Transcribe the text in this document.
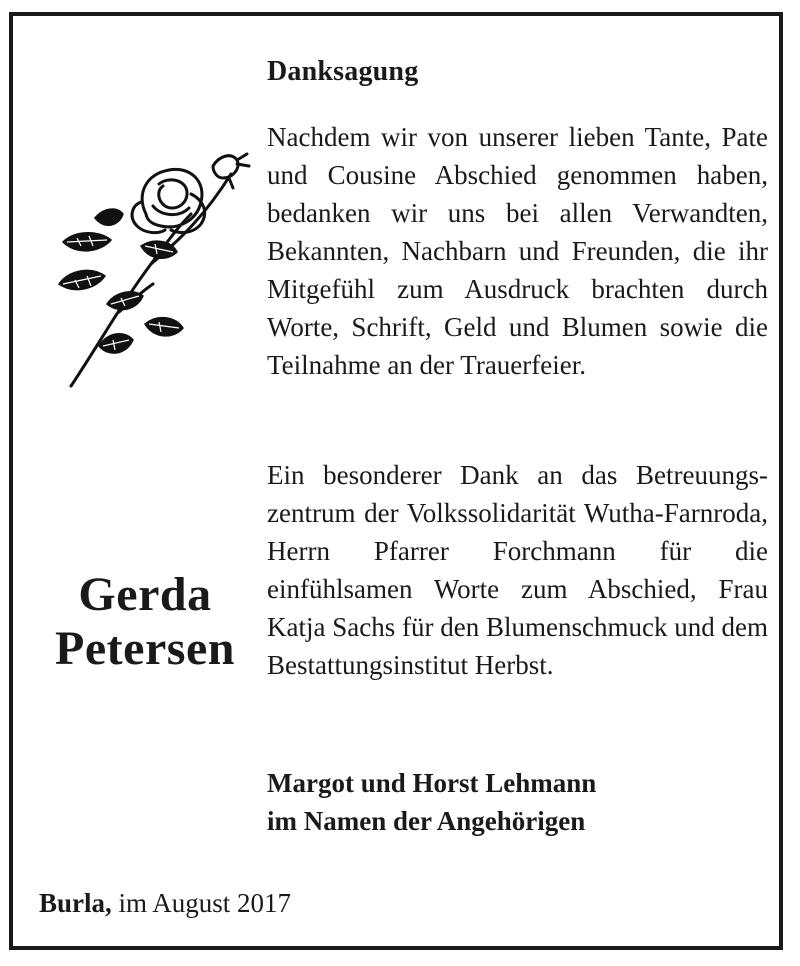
Danksagung
Nachdem wir von unserer lieben Tante, Pate und Cousine Abschied genommen haben, bedanken wir uns bei allen Verwandten, Bekannten, Nachbarn und Freunden, die ihr Mitgefühl zum Ausdruck brachten durch Worte, Schrift, Geld und Blumen sowie die Teilnahme an der Trauerfeier.
Ein besonderer Dank an das Betreuungszentrum der Volkssolidarität Wutha-Farnroda, Herrn Pfarrer Forchmann für die einfühlsamen Worte zum Abschied, Frau Katja Sachs für den Blumenschmuck und dem Bestattungsinstitut Herbst.
Gerda
Petersen
Margot und Horst Lehmann
im Namen der Angehörigen
Burla, im August 2017
